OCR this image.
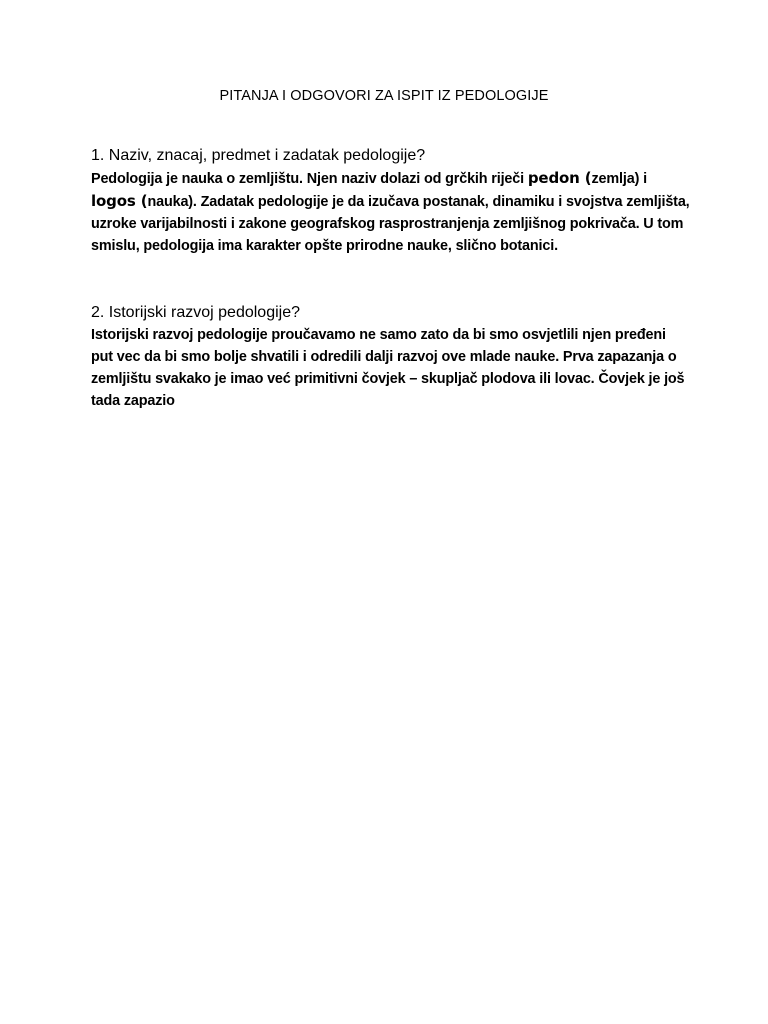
PITANJA I ODGOVORI ZA ISPIT IZ PEDOLOGIJE

1. Naziv, znacaj, predmet i zadatak pedologije?

Pedologija je nauka o zemljištu. Njen naziv dolazi od grčkih riječi pedon (zemlja) i logos (nauka). Zadatak pedologije je da izučava postanak, dinamiku i svojstva zemljišta, uzroke varijabilnosti i zakone geografskog rasprostranjenja zemljišnog pokrivača. U tom smislu, pedologija ima karakter opšte prirodne nauke, slično botanici.

2. Istorijski razvoj pedologije?

Istorijski razvoj pedologije proučavamo ne samo zato da bi smo osvjetlili njen pređeni put vec da bi smo bolje shvatili i odredili dalji razvoj ove mlade nauke. Prva zapazanja o zemljištu svakako je imao već primitivni čovjek – skupljač plodova ili lovac. Čovjek je još tada zapazio
